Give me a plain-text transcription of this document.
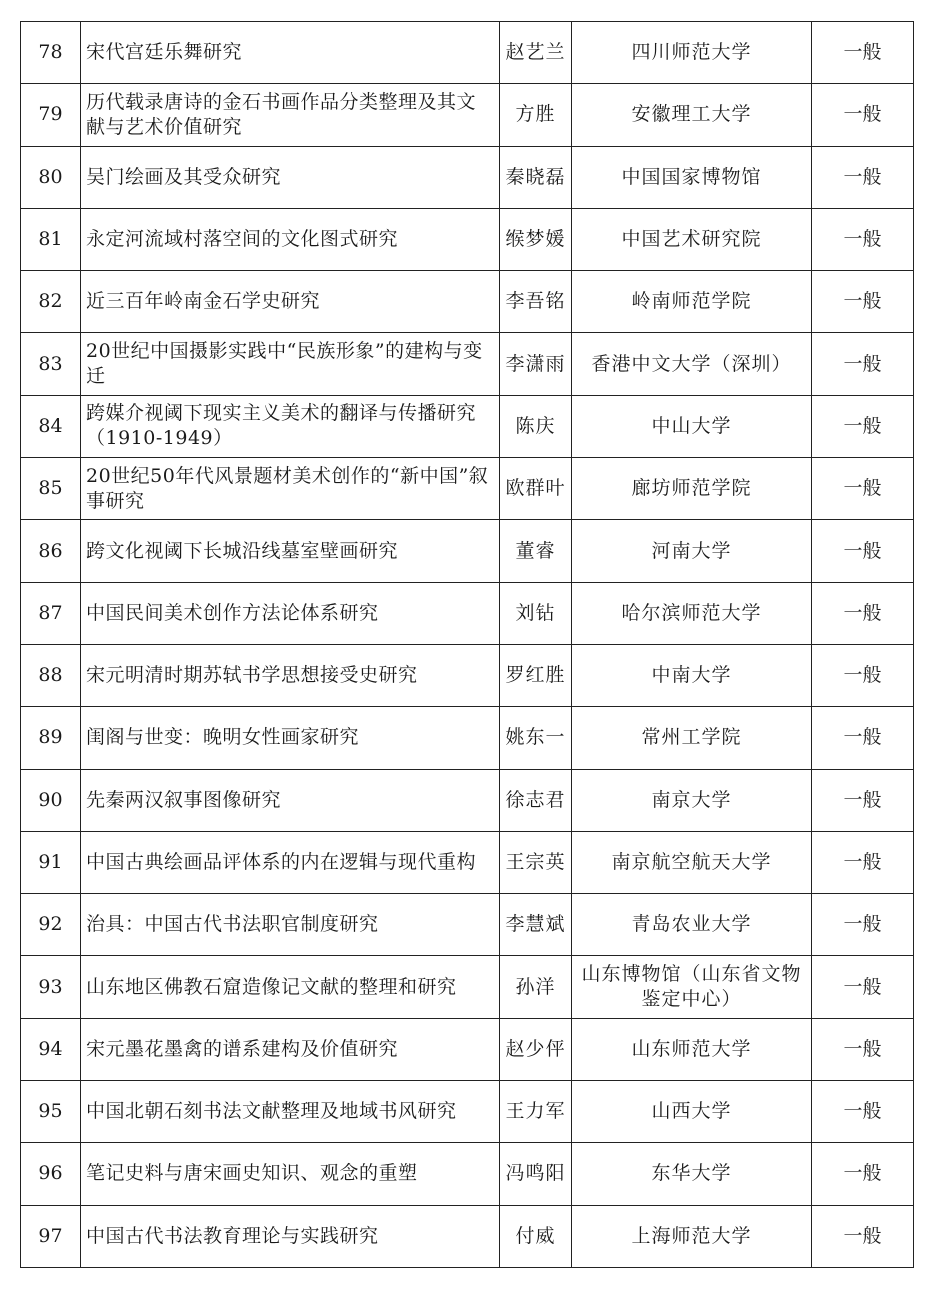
78	宋代宫廷乐舞研究	赵艺兰	四川师范大学	一般
79	历代载录唐诗的金石书画作品分类整理及其文献与艺术价值研究	方胜	安徽理工大学	一般
80	吴门绘画及其受众研究	秦晓磊	中国国家博物馆	一般
81	永定河流域村落空间的文化图式研究	缑梦媛	中国艺术研究院	一般
82	近三百年岭南金石学史研究	李吾铭	岭南师范学院	一般
83	20世纪中国摄影实践中“民族形象”的建构与变迁	李潇雨	香港中文大学（深圳）	一般
84	跨媒介视阈下现实主义美术的翻译与传播研究（1910-1949）	陈庆	中山大学	一般
85	20世纪50年代风景题材美术创作的“新中国”叙事研究	欧群叶	廊坊师范学院	一般
86	跨文化视阈下长城沿线墓室壁画研究	董睿	河南大学	一般
87	中国民间美术创作方法论体系研究	刘钻	哈尔滨师范大学	一般
88	宋元明清时期苏轼书学思想接受史研究	罗红胜	中南大学	一般
89	闺阁与世变：晚明女性画家研究	姚东一	常州工学院	一般
90	先秦两汉叙事图像研究	徐志君	南京大学	一般
91	中国古典绘画品评体系的内在逻辑与现代重构	王宗英	南京航空航天大学	一般
92	治具：中国古代书法职官制度研究	李慧斌	青岛农业大学	一般
93	山东地区佛教石窟造像记文献的整理和研究	孙洋	山东博物馆（山东省文物鉴定中心）	一般
94	宋元墨花墨禽的谱系建构及价值研究	赵少伻	山东师范大学	一般
95	中国北朝石刻书法文献整理及地域书风研究	王力军	山西大学	一般
96	笔记史料与唐宋画史知识、观念的重塑	冯鸣阳	东华大学	一般
97	中国古代书法教育理论与实践研究	付威	上海师范大学	一般
